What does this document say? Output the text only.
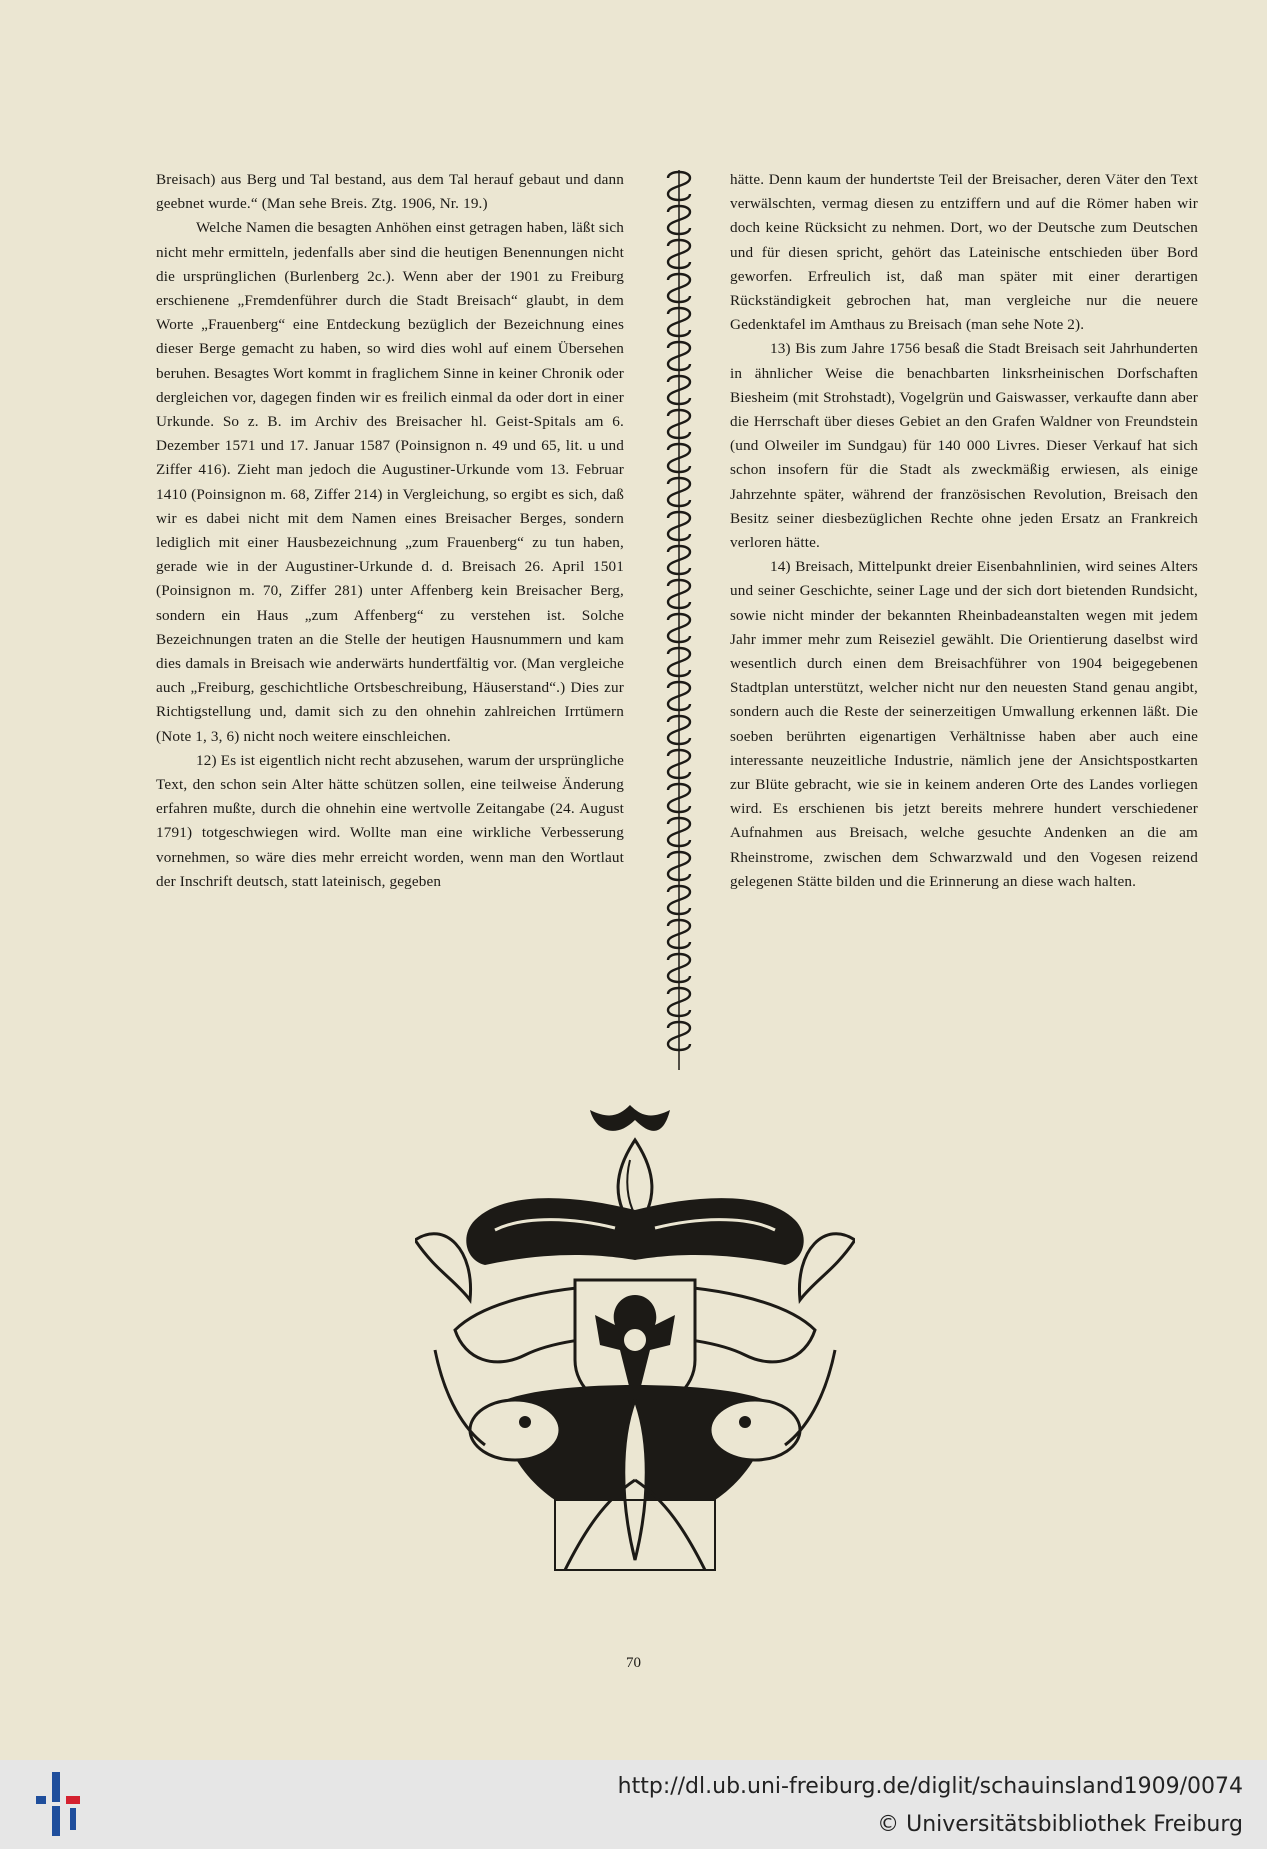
Breisach) aus Berg und Tal bestand, aus dem Tal herauf gebaut und dann geebnet wurde.“ (Man sehe Breis. Ztg. 1906, Nr. 19.)

Welche Namen die besagten Anhöhen einst getragen haben, läßt sich nicht mehr ermitteln, jedenfalls aber sind die heutigen Benennungen nicht die ursprünglichen (Burlenberg 2c.). Wenn aber der 1901 zu Freiburg erschienene „Fremdenführer durch die Stadt Breisach“ glaubt, in dem Worte „Frauenberg“ eine Entdeckung bezüglich der Bezeichnung eines dieser Berge gemacht zu haben, so wird dies wohl auf einem Übersehen beruhen. Besagtes Wort kommt in fraglichem Sinne in keiner Chronik oder dergleichen vor, dagegen finden wir es freilich einmal da oder dort in einer Urkunde. So z. B. im Archiv des Breisacher hl. Geist-Spitals am 6. Dezember 1571 und 17. Januar 1587 (Poinsignon n. 49 und 65, lit. u und Ziffer 416). Zieht man jedoch die Augustiner-Urkunde vom 13. Februar 1410 (Poinsignon m. 68, Ziffer 214) in Vergleichung, so ergibt es sich, daß wir es dabei nicht mit dem Namen eines Breisacher Berges, sondern lediglich mit einer Hausbezeichnung „zum Frauenberg“ zu tun haben, gerade wie in der Augustiner-Urkunde d. d. Breisach 26. April 1501 (Poinsignon m. 70, Ziffer 281) unter Affenberg kein Breisacher Berg, sondern ein Haus „zum Affenberg“ zu verstehen ist. Solche Bezeichnungen traten an die Stelle der heutigen Hausnummern und kam dies damals in Breisach wie anderwärts hundertfältig vor. (Man vergleiche auch „Freiburg, geschichtliche Ortsbeschreibung, Häuserstand“.) Dies zur Richtigstellung und, damit sich zu den ohnehin zahlreichen Irrtümern (Note 1, 3, 6) nicht noch weitere einschleichen.

12) Es ist eigentlich nicht recht abzusehen, warum der ursprüngliche Text, den schon sein Alter hätte schützen sollen, eine teilweise Änderung erfahren mußte, durch die ohnehin eine wertvolle Zeitangabe (24. August 1791) totgeschwiegen wird. Wollte man eine wirkliche Verbesserung vornehmen, so wäre dies mehr erreicht worden, wenn man den Wortlaut der Inschrift deutsch, statt lateinisch, gegeben

hätte. Denn kaum der hundertste Teil der Breisacher, deren Väter den Text verwälschten, vermag diesen zu entziffern und auf die Römer haben wir doch keine Rücksicht zu nehmen. Dort, wo der Deutsche zum Deutschen und für diesen spricht, gehört das Lateinische entschieden über Bord geworfen. Erfreulich ist, daß man später mit einer derartigen Rückständigkeit gebrochen hat, man vergleiche nur die neuere Gedenktafel im Amthaus zu Breisach (man sehe Note 2).

13) Bis zum Jahre 1756 besaß die Stadt Breisach seit Jahrhunderten in ähnlicher Weise die benachbarten linksrheinischen Dorfschaften Biesheim (mit Strohstadt), Vogelgrün und Gaiswasser, verkaufte dann aber die Herrschaft über dieses Gebiet an den Grafen Waldner von Freundstein (und Olweiler im Sundgau) für 140 000 Livres. Dieser Verkauf hat sich schon insofern für die Stadt als zweckmäßig erwiesen, als einige Jahrzehnte später, während der französischen Revolution, Breisach den Besitz seiner diesbezüglichen Rechte ohne jeden Ersatz an Frankreich verloren hätte.

14) Breisach, Mittelpunkt dreier Eisenbahnlinien, wird seines Alters und seiner Geschichte, seiner Lage und der sich dort bietenden Rundsicht, sowie nicht minder der bekannten Rheinbadeanstalten wegen mit jedem Jahr immer mehr zum Reiseziel gewählt. Die Orientierung daselbst wird wesentlich durch einen dem Breisachführer von 1904 beigegebenen Stadtplan unterstützt, welcher nicht nur den neuesten Stand genau angibt, sondern auch die Reste der seinerzeitigen Umwallung erkennen läßt. Die soeben berührten eigenartigen Verhältnisse haben aber auch eine interessante neuzeitliche Industrie, nämlich jene der Ansichtspostkarten zur Blüte gebracht, wie sie in keinem anderen Orte des Landes vorliegen wird. Es erschienen bis jetzt bereits mehrere hundert verschiedener Aufnahmen aus Breisach, welche gesuchte Andenken an die am Rheinstrome, zwischen dem Schwarzwald und den Vogesen reizend gelegenen Stätte bilden und die Erinnerung an diese wach halten.

70
http://dl.ub.uni-freiburg.de/diglit/schauinsland1909/0074
© Universitätsbibliothek Freiburg
